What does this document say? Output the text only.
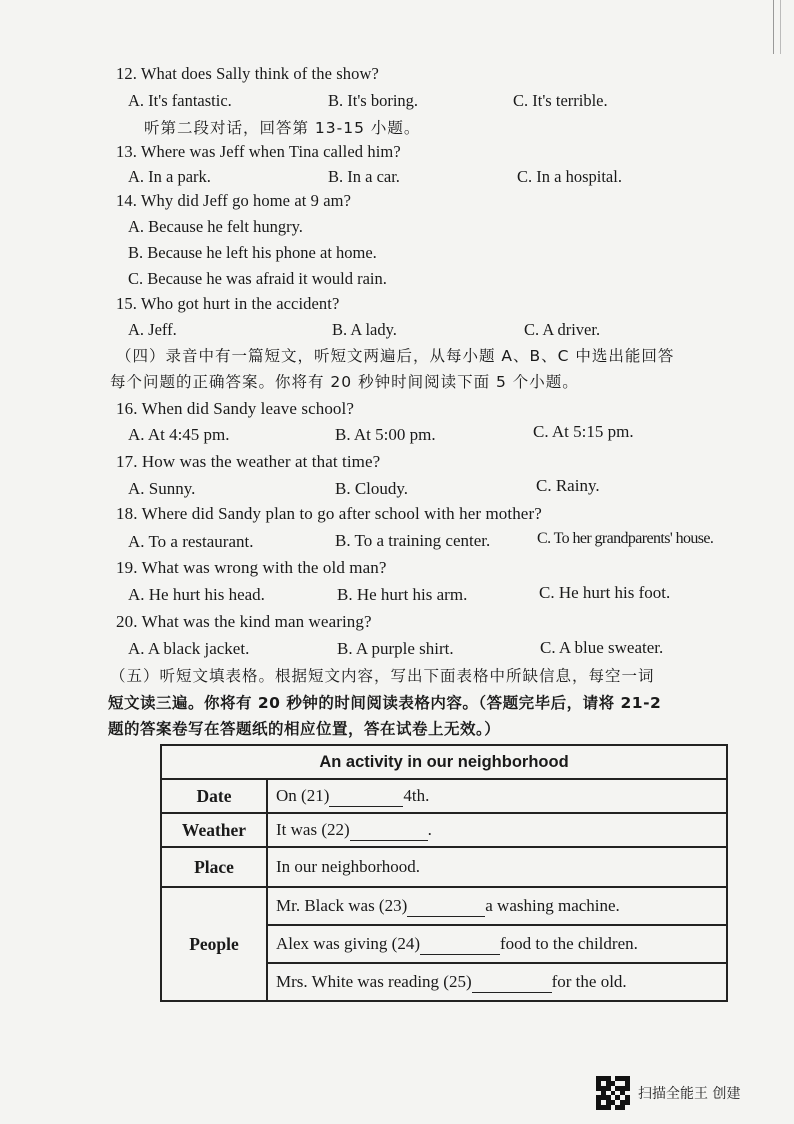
12. What does Sally think of the show?
A. It's fantastic.	B. It's boring.	C. It's terrible.
听第二段对话，回答第 13-15 小题。
13. Where was Jeff when Tina called him?
A. In a park.	B. In a car.	C. In a hospital.
14. Why did Jeff go home at 9 am?
A. Because he felt hungry.
B. Because he left his phone at home.
C. Because he was afraid it would rain.
15. Who got hurt in the accident?
A. Jeff.	B. A lady.	C. A driver.
（四）录音中有一篇短文，听短文两遍后，从每小题 A、B、C 中选出能回答
每个问题的正确答案。你将有 20 秒钟时间阅读下面 5 个小题。
16. When did Sandy leave school?
A. At 4:45 pm.	B. At 5:00 pm.	C. At 5:15 pm.
17. How was the weather at that time?
A. Sunny.	B. Cloudy.	C. Rainy.
18. Where did Sandy plan to go after school with her mother?
A. To a restaurant.	B. To a training center.	C. To her grandparents' house.
19. What was wrong with the old man?
A. He hurt his head.	B. He hurt his arm.	C. He hurt his foot.
20. What was the kind man wearing?
A. A black jacket.	B. A purple shirt.	C. A blue sweater.
（五）听短文填表格。根据短文内容，写出下面表格中所缺信息，每空一词
短文读三遍。你将有 20 秒钟的时间阅读表格内容。（答题完毕后，请将 21-2
题的答案卷写在答题纸的相应位置，答在试卷上无效。）
An activity in our neighborhood	
Date	On (21) 4th.
Weather	It was (22) .
Place	In our neighborhood.
People	Mr. Black was (23) a washing machine.
	Alex was giving (24) food to the children.
	Mrs. White was reading (25) for the old.
扫描全能王 创建
